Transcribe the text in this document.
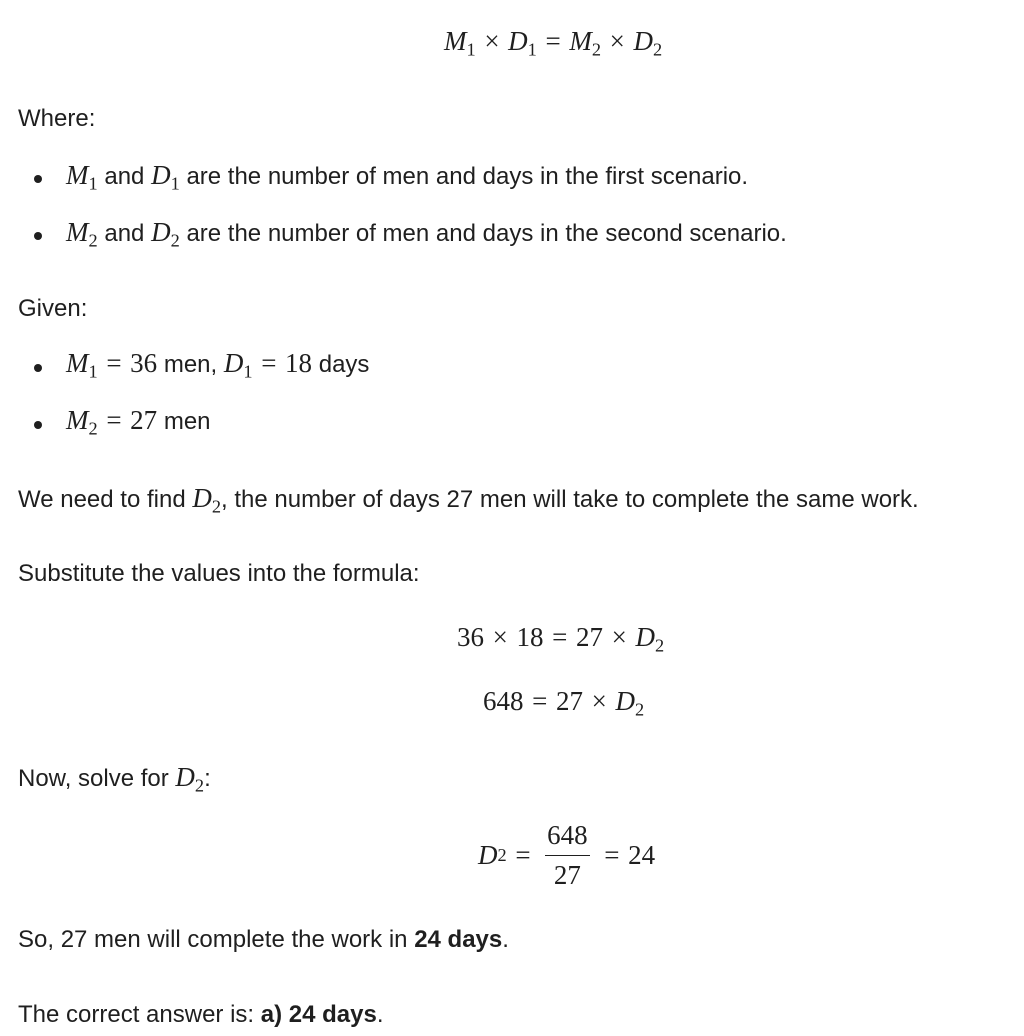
$M_1 \times D_1 = M_2 \times D_2$
Where:
$M_1$ and $D_1$ are the number of men and days in the first scenario.
$M_2$ and $D_2$ are the number of men and days in the second scenario.
Given:
$M_1 = 36$ men, $D_1 = 18$ days
$M_2 = 27$ men
We need to find $D_2$, the number of days 27 men will take to complete the same work.
Substitute the values into the formula:
$36 \times 18 = 27 \times D_2$
$648 = 27 \times D_2$
Now, solve for $D_2$:
D $2 = \frac{648}{27} = 24$
So, 27 men will complete the work in 24 days.
The correct answer is: a) 24 days.
